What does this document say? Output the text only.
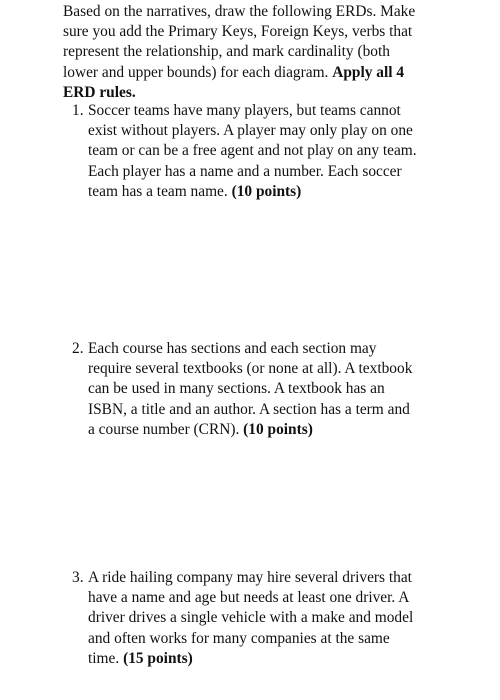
Based on the narratives, draw the following ERDs. Make
sure you add the Primary Keys, Foreign Keys, verbs that
represent the relationship, and mark cardinality (both
lower and upper bounds) for each diagram. Apply all 4
ERD rules.
1. Soccer teams have many players, but teams cannot
exist without players. A player may only play on one
team or can be a free agent and not play on any team.
Each player has a name and a number. Each soccer
team has a team name. (10 points)
2. Each course has sections and each section may
require several textbooks (or none at all). A textbook
can be used in many sections. A textbook has an
ISBN, a title and an author. A section has a term and
a course number (CRN). (10 points)
3. A ride hailing company may hire several drivers that
have a name and age but needs at least one driver. A
driver drives a single vehicle with a make and model
and often works for many companies at the same
time. (15 points)
